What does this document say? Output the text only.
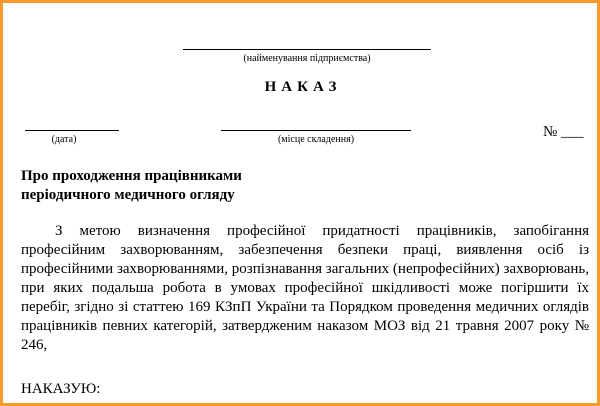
(найменування підприємства)
НАКАЗ
(дата)	(місце складення)	№ ___
Про проходження працівниками
періодичного медичного огляду
З метою визначення професійної придатності працівників, запобігання професійним захворюванням, забезпечення безпеки праці, виявлення осіб із професійними захворюваннями, розпізнавання загальних (непрофесійних) захворювань, при яких подальша робота в умовах професійної шкідливості може погіршити їх перебіг, згідно зі статтею 169 КЗпП України та Порядком проведення медичних оглядів працівників певних категорій, затвердженим наказом МОЗ від 21 травня 2007 року № 246,
НАКАЗУЮ:
